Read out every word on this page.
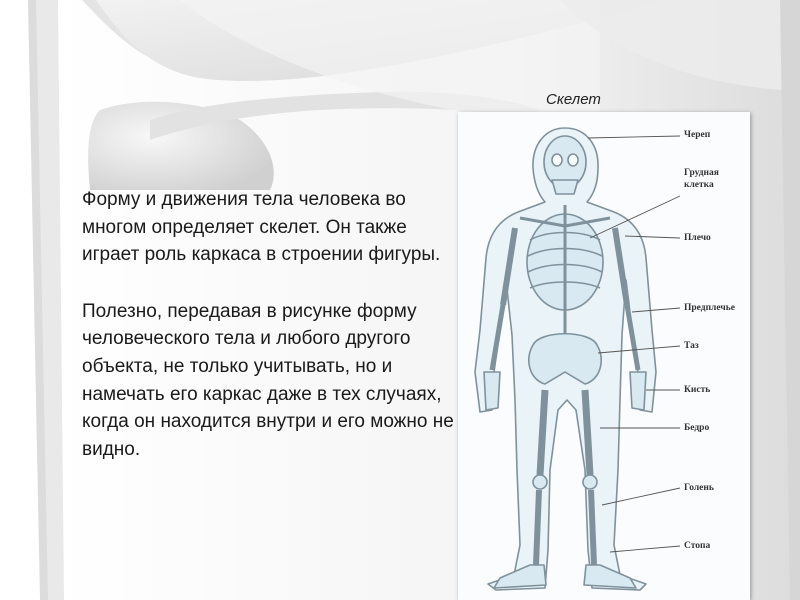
Форму и движения тела человека во многом определяет скелет. Он также играет роль каркаса в строении фигуры.

Полезно, передавая в рисунке форму человеческого тела и любого другого объекта, не только учитывать, но и намечать его каркас даже в тех случаях, когда он находится внутри и его можно не видно.

Скелет
Череп
Грудная
клетка
Плечо
Предплечье
Таз
Кисть
Бедро
Голень
Стопа
